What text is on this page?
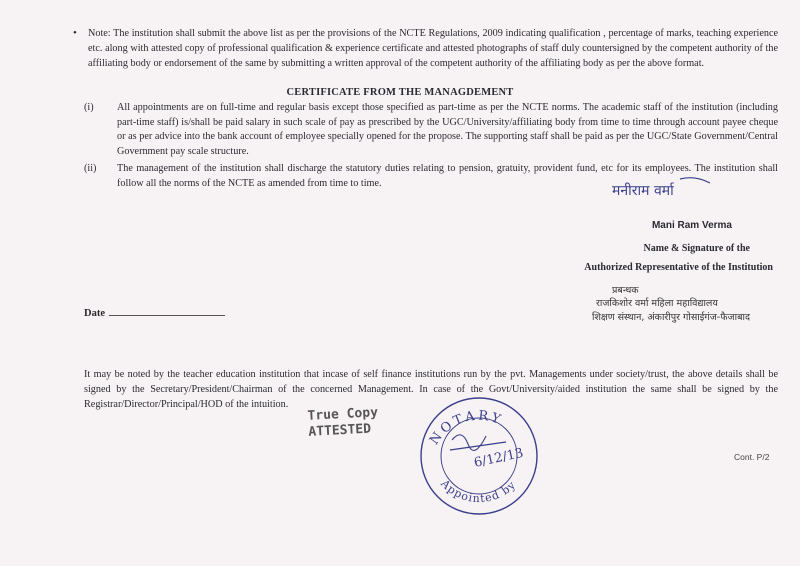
• Note: The institution shall submit the above list as per the provisions of the NCTE Regulations, 2009 indicating qualification , percentage of marks, teaching experience etc. along with attested copy of professional qualification & experience certificate and attested photographs of staff duly countersigned by the competent authority of the affiliating body or endorsement of the same by submitting a written approval of the competent authority of the affiliating body as per the above format.
CERTIFICATE FROM THE MANAGDEMENT
(i) All appointments are on full-time and regular basis except those specified as part-time as per the NCTE norms. The academic staff of the institution (including part-time staff) is/shall be paid salary in such scale of pay as prescribed by the UGC/University/affiliating body from time to time through account payee cheque or as per advice into the bank account of employee specially opened for the propose. The supporting staff shall be paid as per the UGC/State Government/Central Government pay scale structure.
(ii) The management of the institution shall discharge the statutory duties relating to pension, gratuity, provident fund, etc for its employees. The institution shall follow all the norms of the NCTE as amended from time to time.	मनीराम वर्मा
Mani Ram Verma
Name & Signature of the
Authorized Representative of the Institution
प्रबन्धक
राजकिशोर वर्मा महिला महाविद्यालय
शिक्षण संस्थान, अंकारीपुर गोसाईगंज-फैजाबाद
Date
It may be noted by the teacher education institution that incase of self finance institutions run by the pvt. Managements under society/trust, the above details shall be signed by the Secretary/President/Chairman of the concerned Management. In case of the Govt/University/aided institution the same shall be signed by the Registrar/Director/Principal/HOD of the intuition.
True Copy
ATTESTED	NOTARY
Appointed by
6/12/13	Cont. P/2
